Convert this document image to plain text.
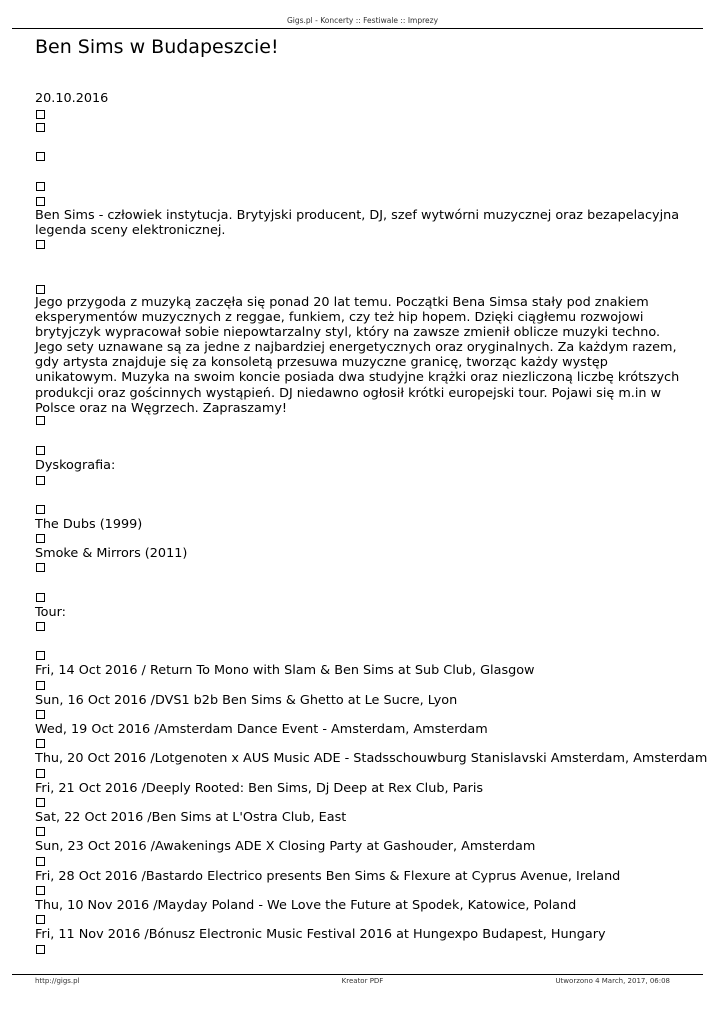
Gigs.pl - Koncerty :: Festiwale :: Imprezy
Ben Sims w Budapeszcie!
20.10.2016
Ben Sims - człowiek instytucja. Brytyjski producent, DJ, szef wytwórni muzycznej oraz bezapelacyjna legenda sceny elektronicznej.
Jego przygoda z muzyką zaczęła się ponad 20 lat temu. Początki Bena Simsa stały pod znakiem eksperymentów muzycznych z reggae, funkiem, czy też hip hopem. Dzięki ciągłemu rozwojowi brytyjczyk wypracował sobie niepowtarzalny styl, który na zawsze zmienił oblicze muzyki techno. Jego sety uznawane są za jedne z najbardziej energetycznych oraz oryginalnych. Za każdym razem, gdy artysta znajduje się za konsoletą przesuwa muzyczne granicę, tworząc każdy występ unikatowym. Muzyka na swoim koncie posiada dwa studyjne krążki oraz niezliczoną liczbę krótszych produkcji oraz gościnnych wystąpień. DJ niedawno ogłosił krótki europejski tour. Pojawi się m.in w Polsce oraz na Węgrzech. Zapraszamy!
Dyskografia:
The Dubs (1999)
Smoke & Mirrors (2011)
Tour:
Fri, 14 Oct 2016 / Return To Mono with Slam & Ben Sims at Sub Club, Glasgow
Sun, 16 Oct 2016 /DVS1 b2b Ben Sims & Ghetto at Le Sucre, Lyon
Wed, 19 Oct 2016 /Amsterdam Dance Event - Amsterdam, Amsterdam
Thu, 20 Oct 2016 /Lotgenoten x AUS Music ADE - Stadsschouwburg Stanislavski Amsterdam, Amsterdam
Fri, 21 Oct 2016 /Deeply Rooted: Ben Sims, Dj Deep at Rex Club, Paris
Sat, 22 Oct 2016 /Ben Sims at L'Ostra Club, East
Sun, 23 Oct 2016 /Awakenings ADE X Closing Party at Gashouder, Amsterdam
Fri, 28 Oct 2016 /Bastardo Electrico presents Ben Sims & Flexure at Cyprus Avenue, Ireland
Thu, 10 Nov 2016 /Mayday Poland - We Love the Future at Spodek, Katowice, Poland
Fri, 11 Nov 2016 /Bónusz Electronic Music Festival 2016 at Hungexpo Budapest, Hungary
http://gigs.pl	Kreator PDF	Utworzono 4 March, 2017, 06:08
